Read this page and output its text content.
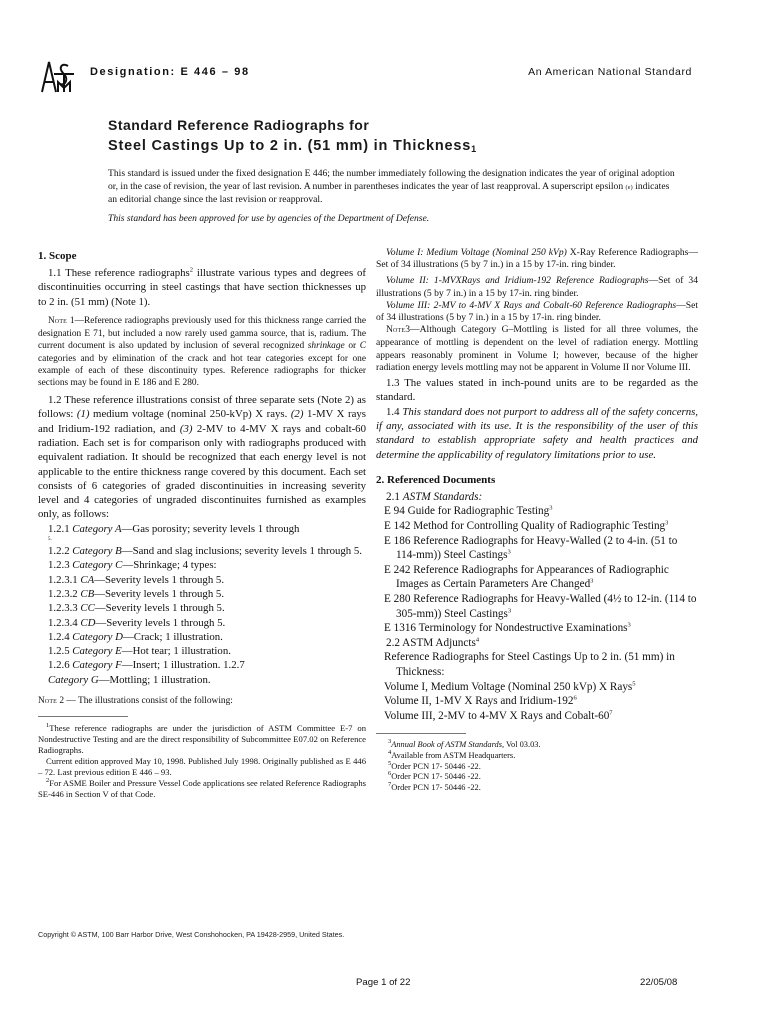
Designation: E 446 – 98	An American National Standard
Standard Reference Radiographs for
Steel Castings Up to 2 in. (51 mm) in Thickness$_1$

This standard is issued under the fixed designation E 446; the number immediately following the designation indicates the year of original adoption or, in the case of revision, the year of last revision. A number in parentheses indicates the year of last reapproval. A superscript epsilon (e) indicates an editorial change since the last revision or reapproval.

This standard has been approved for use by agencies of the Department of Defense.
1. Scope

1.1 These reference radiographs$^2$ illustrate various types and degrees of discontinuities occurring in steel castings that have section thicknesses up to 2 in. (51 mm) (Note 1).

NOTE 1—Reference radiographs previously used for this thickness range carried the designation E 71, but included a now rarely used gamma source, that is, radium. The current document is also updated by inclusion of several recognized shrinkage or C categories and by elimination of the crack and hot tear categories except for one example of each of these discontinuity types. Reference radiographs for thicker sections may be found in E 186 and E 280.

1.2 These reference illustrations consist of three separate sets (Note 2) as follows: (1) medium voltage (nominal 250-kVp) X rays. (2) 1-MV X rays and Iridium-192 radiation, and (3) 2-MV to 4-MV X rays and cobalt-60 radiation. Each set is for comparison only with radiographs produced with equivalent radiation. It should be recognized that each energy level is not applicable to the entire thickness range covered by this document. Each set consists of 6 categories of graded discontinuities in increasing severity level and 4 categories of ungraded discontinuites furnished as examples only, as follows:

1.2.1 Category A—Gas porosity; severity levels 1 through
5.

1.2.2 Category B—Sand and slag inclusions; severity levels 1 through 5.

1.2.3 Category C—Shrinkage; 4 types:

1.2.3.1 CA—Severity levels 1 through 5.

1.2.3.2 CB—Severity levels 1 through 5.

1.2.3.3 CC—Severity levels 1 through 5.

1.2.3.4 CD—Severity levels 1 through 5.

1.2.4 Category D—Crack; 1 illustration.

1.2.5 Category E—Hot tear; 1 illustration.

1.2.6 Category F—Insert; 1 illustration. 1.2.7

Category G—Mottling; 1 illustration.

NOTE 2 — The illustrations consist of the following:

$^1$These reference radiographs are under the jurisdiction of ASTM Committee E-7 on Nondestructive Testing and are the direct responsibility of Subcommittee E07.02 on Reference Radiographs.

Current edition approved May 10, 1998. Published July 1998. Originally published as E 446 – 72. Last previous edition E 446 – 93.

$^2$For ASME Boiler and Pressure Vessel Code applications see related Reference Radiographs SE-446 in Section V of that Code.

Volume I: Medium Voltage (Nominal 250 kVp) X-Ray Reference Radiographs—Set of 34 illustrations (5 by 7 in.) in a 15 by 17-in. ring binder.

Volume II: 1-MVXRays and Iridium-192 Reference Radiographs—Set of 34 illustrations (5 by 7 in.) in a 15 by 17-in. ring binder.

Volume III: 2-MV to 4-MV X Rays and Cobalt-60 Reference Radiographs—Set of 34 illustrations (5 by 7 in.) in a 15 by 17-in. ring binder.

NOTE3—Although Category G–Mottling is listed for all three volumes, the appearance of mottling is dependent on the level of radiation energy. Mottling appears reasonably prominent in Volume I; however, because of the higher radiation energy levels mottling may not be apparent in Volume II nor Volume III.

1.3 The values stated in inch-pound units are to be regarded as the standard.

1.4 This standard does not purport to address all of the safety concerns, if any, associated with its use. It is the responsibility of the user of this standard to establish appropriate safety and health practices and determine the applicability of regulatory limitations prior to use.

2. Referenced Documents

2.1 ASTM Standards:

E 94 Guide for Radiographic Testing$^3$

E 142 Method for Controlling Quality of Radiographic Testing$^3$

E 186 Reference Radiographs for Heavy-Walled (2 to 4-in. (51 to 114-mm)) Steel Castings$^3$

E 242 Reference Radiographs for Appearances of Radiographic Images as Certain Parameters Are Changed$^3$

E 280 Reference Radiographs for Heavy-Walled (4½ to 12-in. (114 to 305-mm)) Steel Castings$^3$

E 1316 Terminology for Nondestructive Examinations$^3$

2.2 ASTM Adjuncts$^4$

Reference Radiographs for Steel Castings Up to 2 in. (51 mm) in Thickness:

Volume I, Medium Voltage (Nominal 250 kVp) X Rays$^5$

Volume II, 1-MV X Rays and Iridium-$192^6$

Volume III, 2-MV to 4-MV X Rays and Cobalt-$60^7$

$^3$Annual Book of ASTM Standards, Vol 03.03.

$^4$Available from ASTM Headquarters.

$^5$Order PCN 17- 50446 -22.

$^6$Order PCN 17- 50446 -22.

$^7$Order PCN 17- 50446 -22.

Copyright © ASTM, 100 Barr Harbor Drive, West Conshohocken, PA 19428-2959, United States.
Page 1 of 22	22/05/08
